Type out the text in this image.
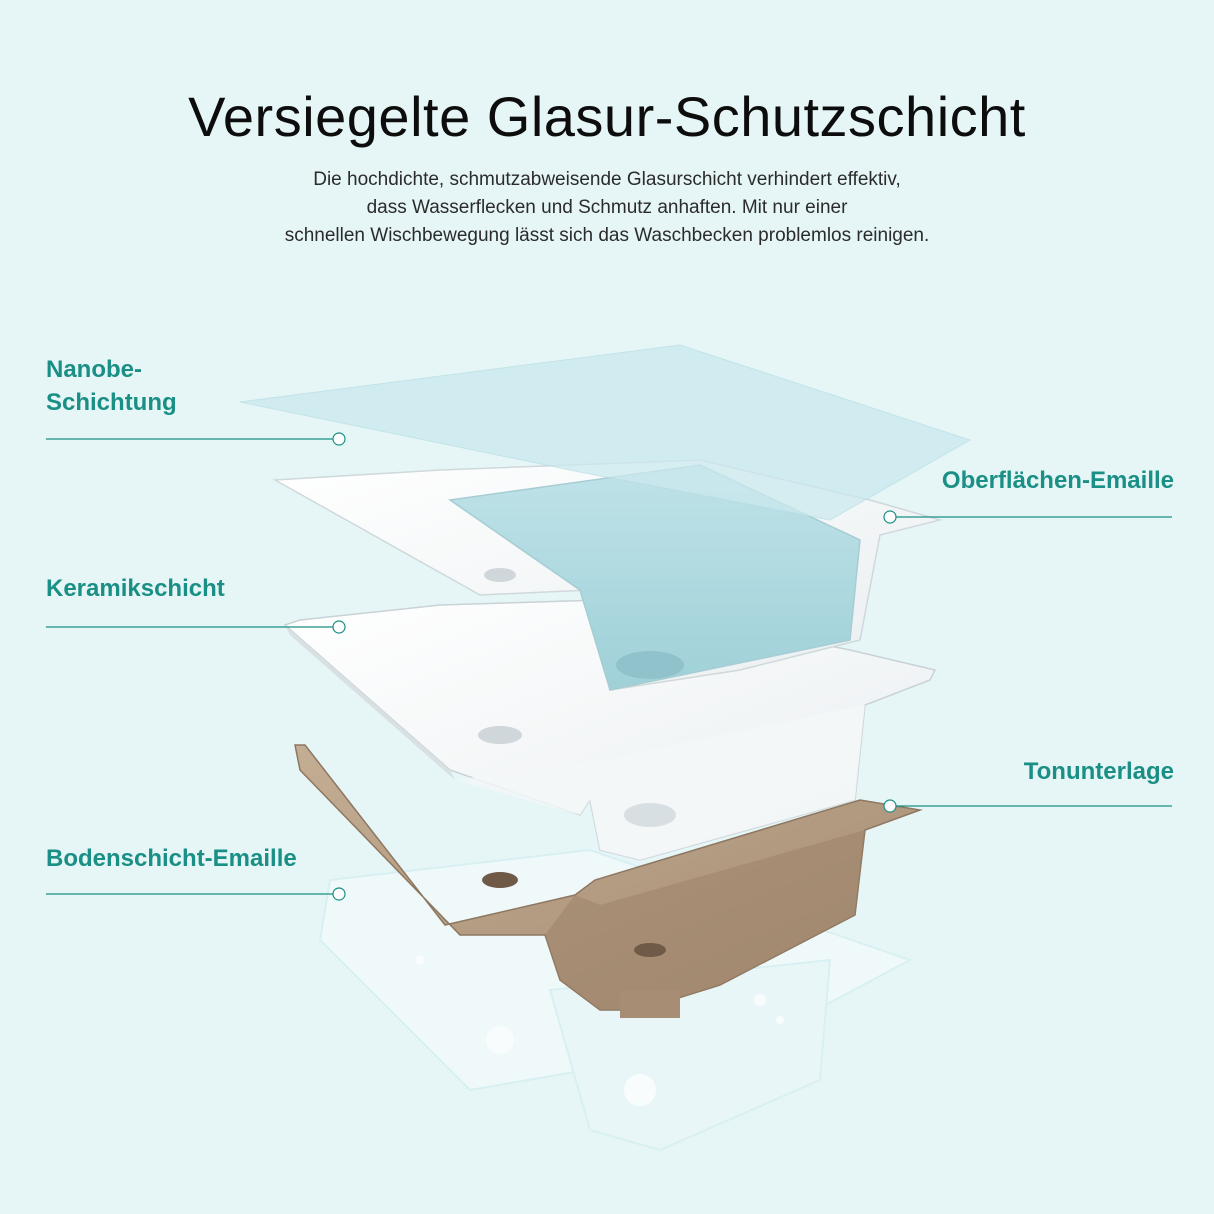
Versiegelte Glasur-Schutzschicht
Die hochdichte, schmutzabweisende Glasurschicht verhindert effektiv,
dass Wasserflecken und Schmutz anhaften. Mit nur einer
schnellen Wischbewegung lässt sich das Waschbecken problemlos reinigen.
Nanobe-
Schichtung
Oberflächen-Emaille
Keramikschicht
Tonunterlage
Bodenschicht-Emaille
